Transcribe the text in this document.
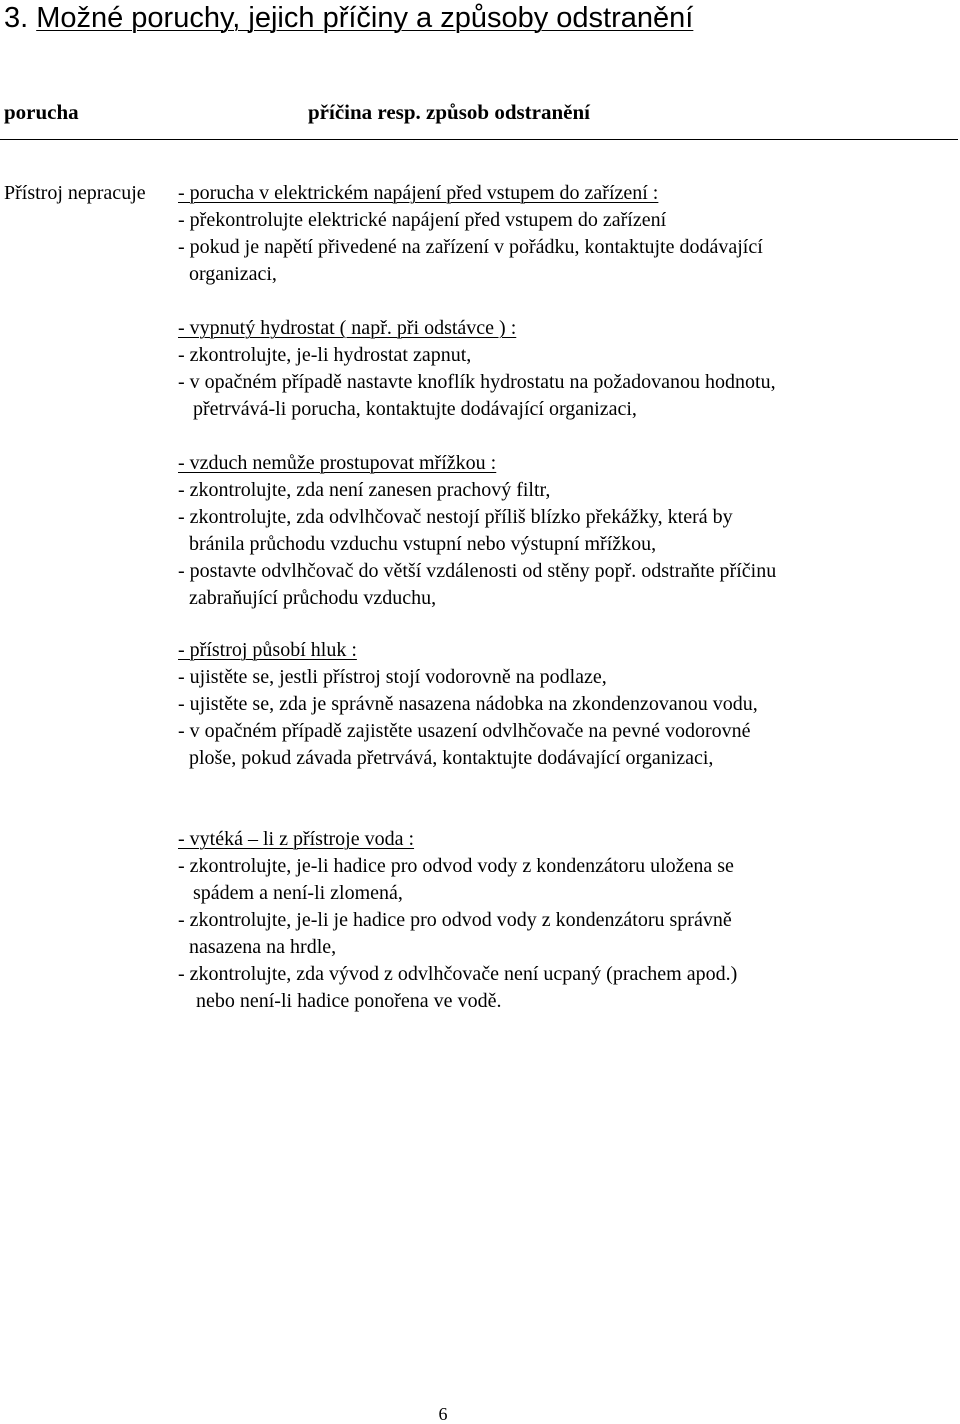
3. Možné poruchy, jejich příčiny a způsoby odstranění
porucha	příčina resp. způsob odstranění
Přístroj nepracuje - porucha v elektrickém napájení před vstupem do zařízení :
- překontrolujte elektrické napájení před vstupem do zařízení
- pokud je napětí přivedené na zařízení v pořádku, kontaktujte dodávající
organizaci,
- vypnutý hydrostat ( např. při odstávce ) :
- zkontrolujte, je-li hydrostat zapnut,
- v opačném případě nastavte knoflík hydrostatu na požadovanou hodnotu,
přetrvává-li porucha, kontaktujte dodávající organizaci,
- vzduch nemůže prostupovat mřížkou :
- zkontrolujte, zda není zanesen prachový filtr,
- zkontrolujte, zda odvlhčovač nestojí příliš blízko překážky, která by
bránila průchodu vzduchu vstupní nebo výstupní mřížkou,
- postavte odvlhčovač do větší vzdálenosti od stěny popř. odstraňte příčinu
zabraňující průchodu vzduchu,
- přístroj působí hluk :
- ujistěte se, jestli přístroj stojí vodorovně na podlaze,
- ujistěte se, zda je správně nasazena nádobka na zkondenzovanou vodu,
- v opačném případě zajistěte usazení odvlhčovače na pevné vodorovné
ploše, pokud závada přetrvává, kontaktujte dodávající organizaci,
- vytéká – li z přístroje voda :
- zkontrolujte, je-li hadice pro odvod vody z kondenzátoru uložena se
spádem a není-li zlomená,
- zkontrolujte, je-li je hadice pro odvod vody z kondenzátoru správně
nasazena na hrdle,
- zkontrolujte, zda vývod z odvlhčovače není ucpaný (prachem apod.)
nebo není-li hadice ponořena ve vodě.
6
